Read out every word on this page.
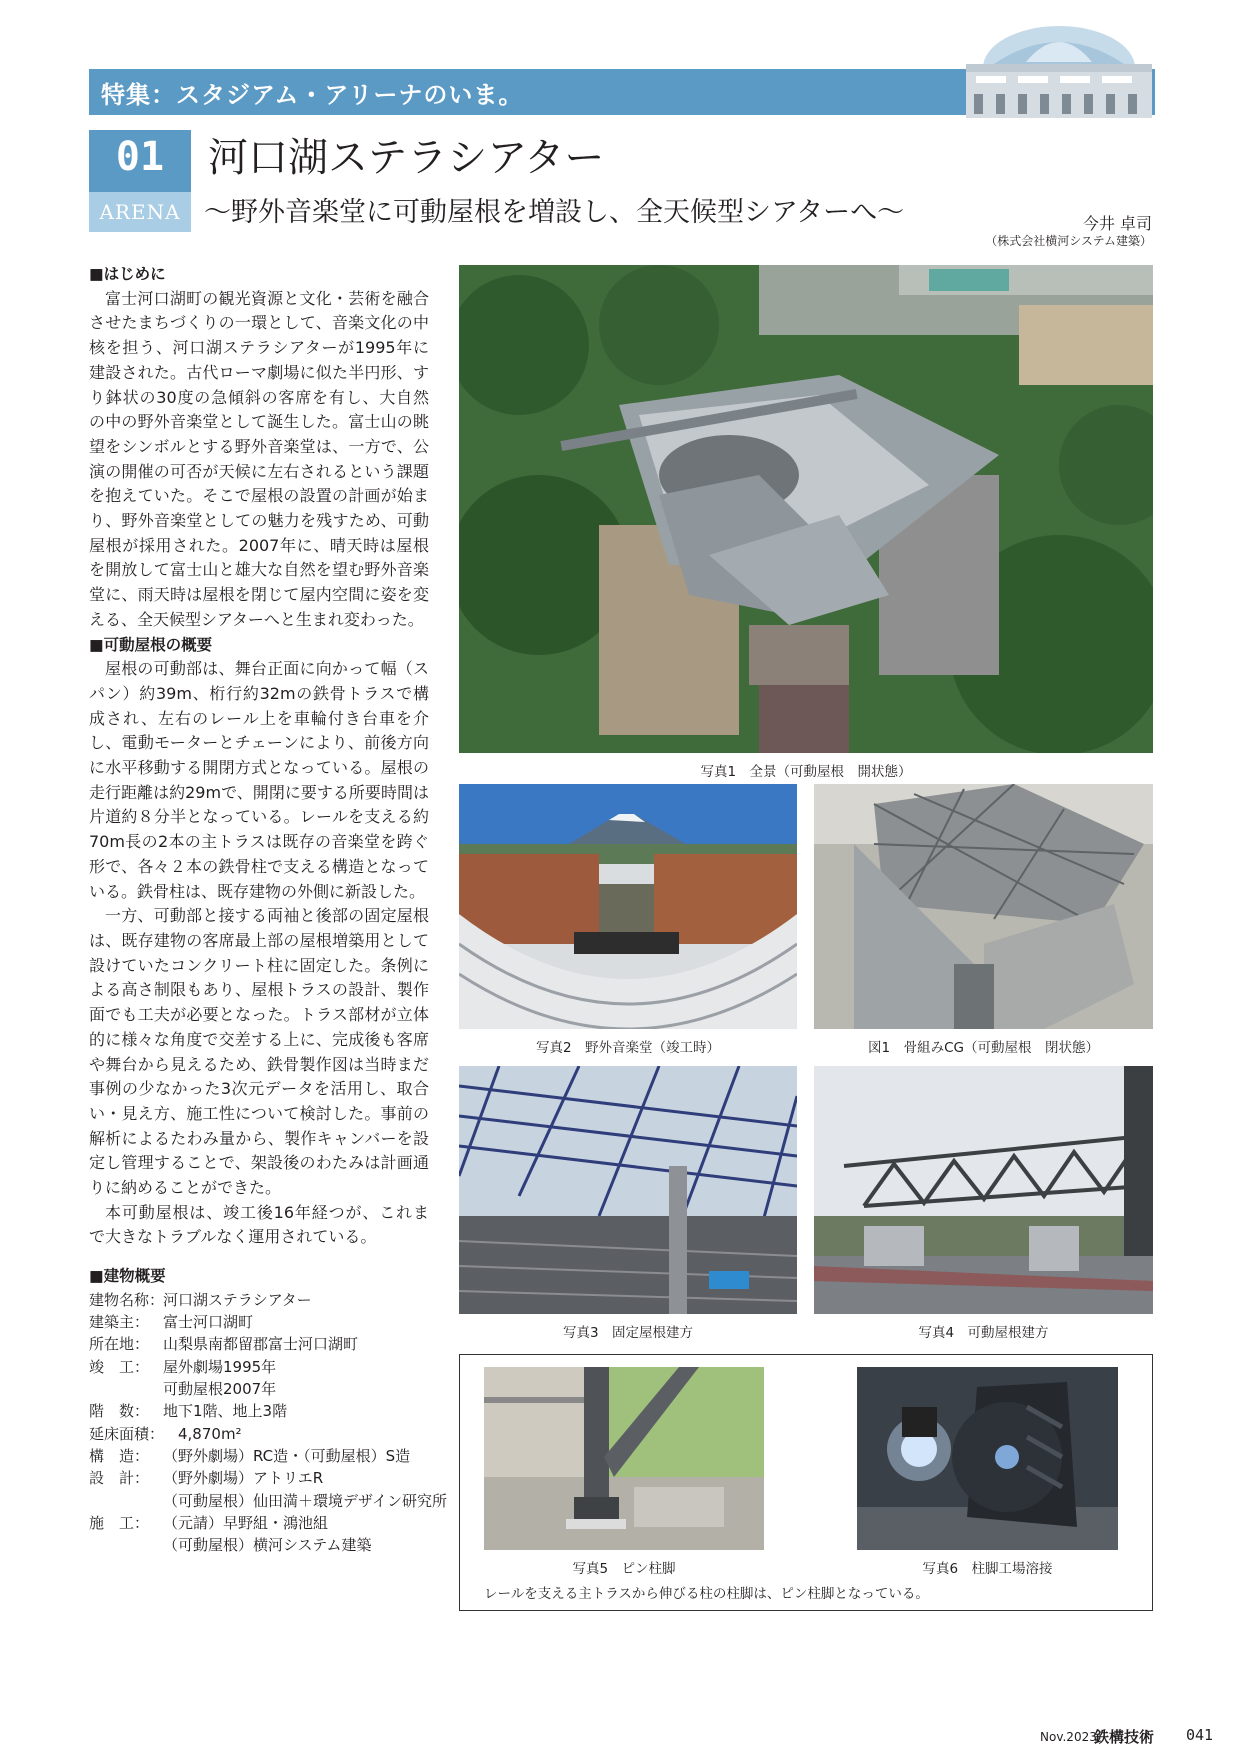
特集：スタジアム・アリーナのいま。
01
ARENA
河口湖ステラシアター
〜野外音楽堂に可動屋根を増設し、全天候型シアターへ〜	今井 卓司
（株式会社横河システム建築）
■はじめに
富士河口湖町の観光資源と文化・芸術を融合させたまちづくりの一環として、音楽文化の中核を担う、河口湖ステラシアターが1995年に建設された。古代ローマ劇場に似た半円形、すり鉢状の30度の急傾斜の客席を有し、大自然の中の野外音楽堂として誕生した。富士山の眺望をシンボルとする野外音楽堂は、一方で、公演の開催の可否が天候に左右されるという課題を抱えていた。そこで屋根の設置の計画が始まり、野外音楽堂としての魅力を残すため、可動屋根が採用された。2007年に、晴天時は屋根を開放して富士山と雄大な自然を望む野外音楽堂に、雨天時は屋根を閉じて屋内空間に姿を変える、全天候型シアターへと生まれ変わった。
■可動屋根の概要
屋根の可動部は、舞台正面に向かって幅（スパン）約39m、桁行約32mの鉄骨トラスで構成され、左右のレール上を車輪付き台車を介し、電動モーターとチェーンにより、前後方向に水平移動する開閉方式となっている。屋根の走行距離は約29mで、開閉に要する所要時間は片道約８分半となっている。レールを支える約70m長の2本の主トラスは既存の音楽堂を跨ぐ形で、各々２本の鉄骨柱で支える構造となっている。鉄骨柱は、既存建物の外側に新設した。
一方、可動部と接する両袖と後部の固定屋根は、既存建物の客席最上部の屋根増築用として設けていたコンクリート柱に固定した。条例による高さ制限もあり、屋根トラスの設計、製作面でも工夫が必要となった。トラス部材が立体的に様々な角度で交差する上に、完成後も客席や舞台から見えるため、鉄骨製作図は当時まだ事例の少なかった3次元データを活用し、取合い・見え方、施工性について検討した。事前の解析によるたわみ量から、製作キャンバーを設定し管理することで、架設後のわたみは計画通りに納めることができた。
本可動屋根は、竣工後16年経つが、これまで大きなトラブルなく運用されている。
■建物概要
建物名称：河口湖ステラシアター
建築主： 富士河口湖町
所在地： 山梨県南都留郡富士河口湖町
竣　工： 屋外劇場1995年
可動屋根2007年
階　数： 地下1階、地上3階
延床面積：　4,870m²
構　造： （野外劇場）RC造・（可動屋根）S造
設　計： （野外劇場）アトリエR
（可動屋根）仙田満＋環境デザイン研究所
施　工： （元請）早野組・鴻池組
（可動屋根）横河システム建築
写真1　全景（可動屋根　開状態）
写真2　野外音楽堂（竣工時）	図1　骨組みCG（可動屋根　閉状態）
写真3　固定屋根建方	写真4　可動屋根建方
写真5　ピン柱脚	写真6　柱脚工場溶接
レールを支える主トラスから伸びる柱の柱脚は、ピン柱脚となっている。
Nov.2023
鉄構技術 041
